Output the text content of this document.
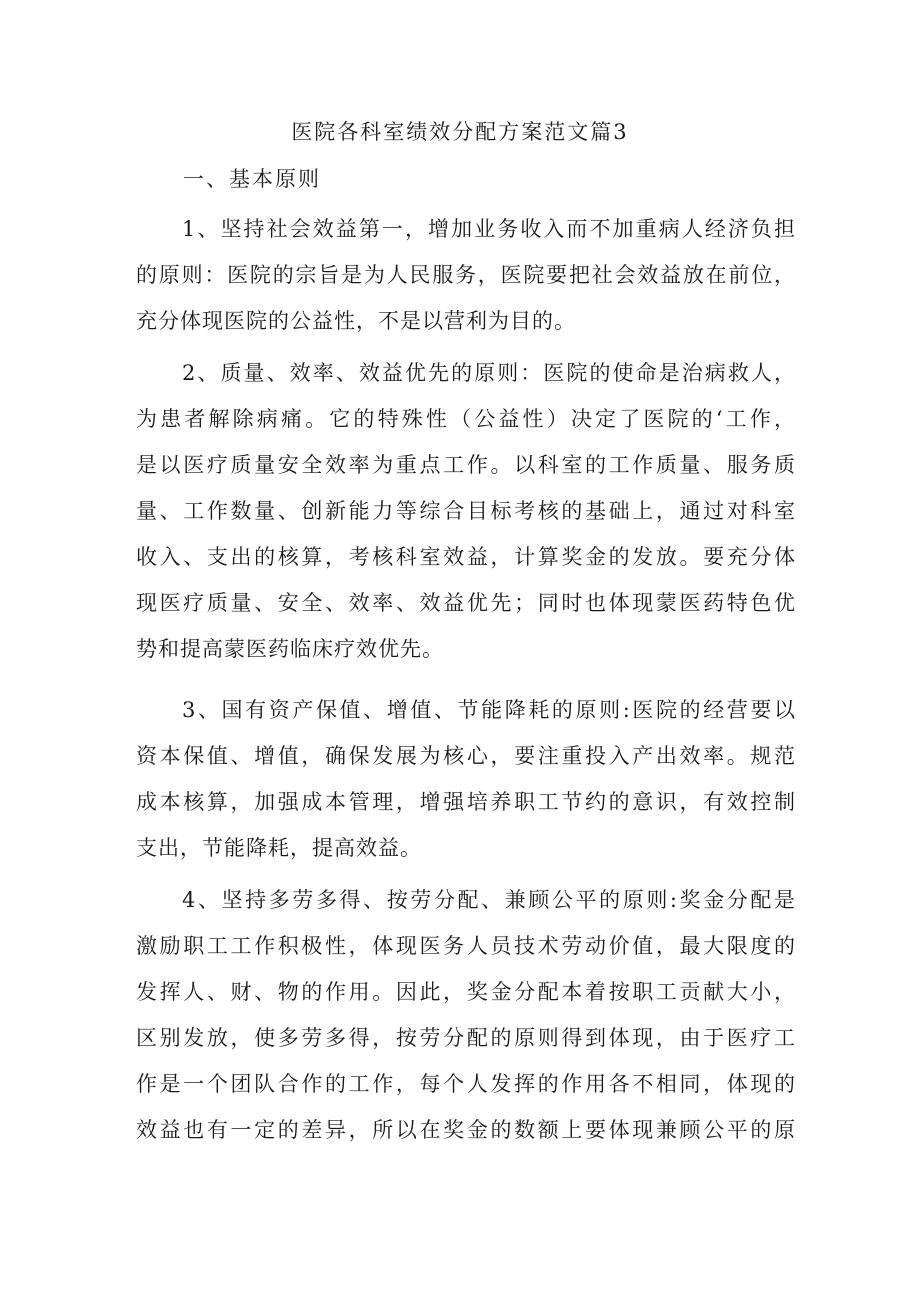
医院各科室绩效分配方案范文篇3
一、基本原则
1、坚持社会效益第一，增加业务收入而不加重病人经济负担
的原则：医院的宗旨是为人民服务，医院要把社会效益放在前位，
充分体现医院的公益性，不是以营利为目的。
2、质量、效率、效益优先的原则：医院的使命是治病救人，
为患者解除病痛。它的特殊性（公益性）决定了医院的‘工作，
是以医疗质量安全效率为重点工作。以科室的工作质量、服务质
量、工作数量、创新能力等综合目标考核的基础上，通过对科室
收入、支出的核算，考核科室效益，计算奖金的发放。要充分体
现医疗质量、安全、效率、效益优先；同时也体现蒙医药特色优
势和提高蒙医药临床疗效优先。
3、国有资产保值、增值、节能降耗的原则:医院的经营要以
资本保值、增值，确保发展为核心，要注重投入产出效率。规范
成本核算，加强成本管理，增强培养职工节约的意识，有效控制
支出，节能降耗，提高效益。
4、坚持多劳多得、按劳分配、兼顾公平的原则:奖金分配是
激励职工工作积极性，体现医务人员技术劳动价值，最大限度的
发挥人、财、物的作用。因此，奖金分配本着按职工贡献大小，
区别发放，使多劳多得，按劳分配的原则得到体现，由于医疗工
作是一个团队合作的工作，每个人发挥的作用各不相同，体现的
效益也有一定的差异，所以在奖金的数额上要体现兼顾公平的原
